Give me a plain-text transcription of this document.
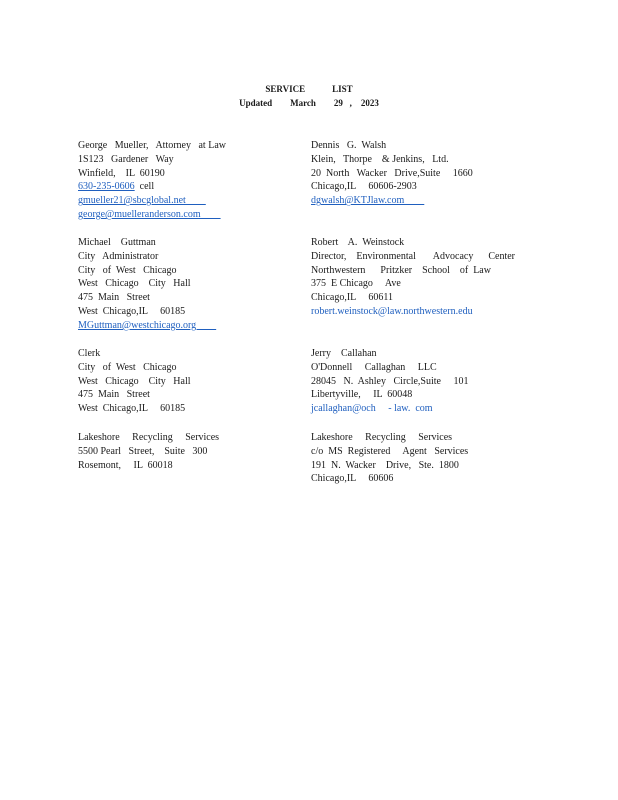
SERVICE	LIST
Updated March 29 , 2023
George   Mueller,   Attorney   at Law
1S123   Gardener   Way
Winfield,    IL  60190
630-235-0606  cell
gmueller21@sbcglobal.net
george@muelleranderson.com
Michael    Guttman
City   Administrator
City   of  West   Chicago
West   Chicago    City   Hall
475  Main   Street
West  Chicago,IL     60185
MGuttman@westchicago.org
Clerk
City   of  West   Chicago
West   Chicago    City   Hall
475  Main   Street
West  Chicago,IL     60185
Lakeshore     Recycling     Services
5500 Pearl   Street,    Suite   300
Rosemont,     IL  60018
Dennis   G.  Walsh
Klein,   Thorpe    & Jenkins,   Ltd.
20  North   Wacker   Drive,Suite     1660
Chicago,IL     60606-2903
dgwalsh@KTJlaw.com
Robert    A.  Weinstock
Director,    Environmental       Advocacy      Center
Northwestern      Pritzker    School    of  Law
375  E Chicago     Ave
Chicago,IL     60611
robert.weinstock@law.northwestern.edu
Jerry    Callahan
O'Donnell     Callaghan     LLC
28045   N.  Ashley   Circle,Suite     101
Libertyville,     IL  60048
jcallaghan@och     - law.  com
Lakeshore     Recycling     Services
c/o  MS  Registered     Agent   Services
191  N.  Wacker    Drive,   Ste.  1800
Chicago,IL     60606
